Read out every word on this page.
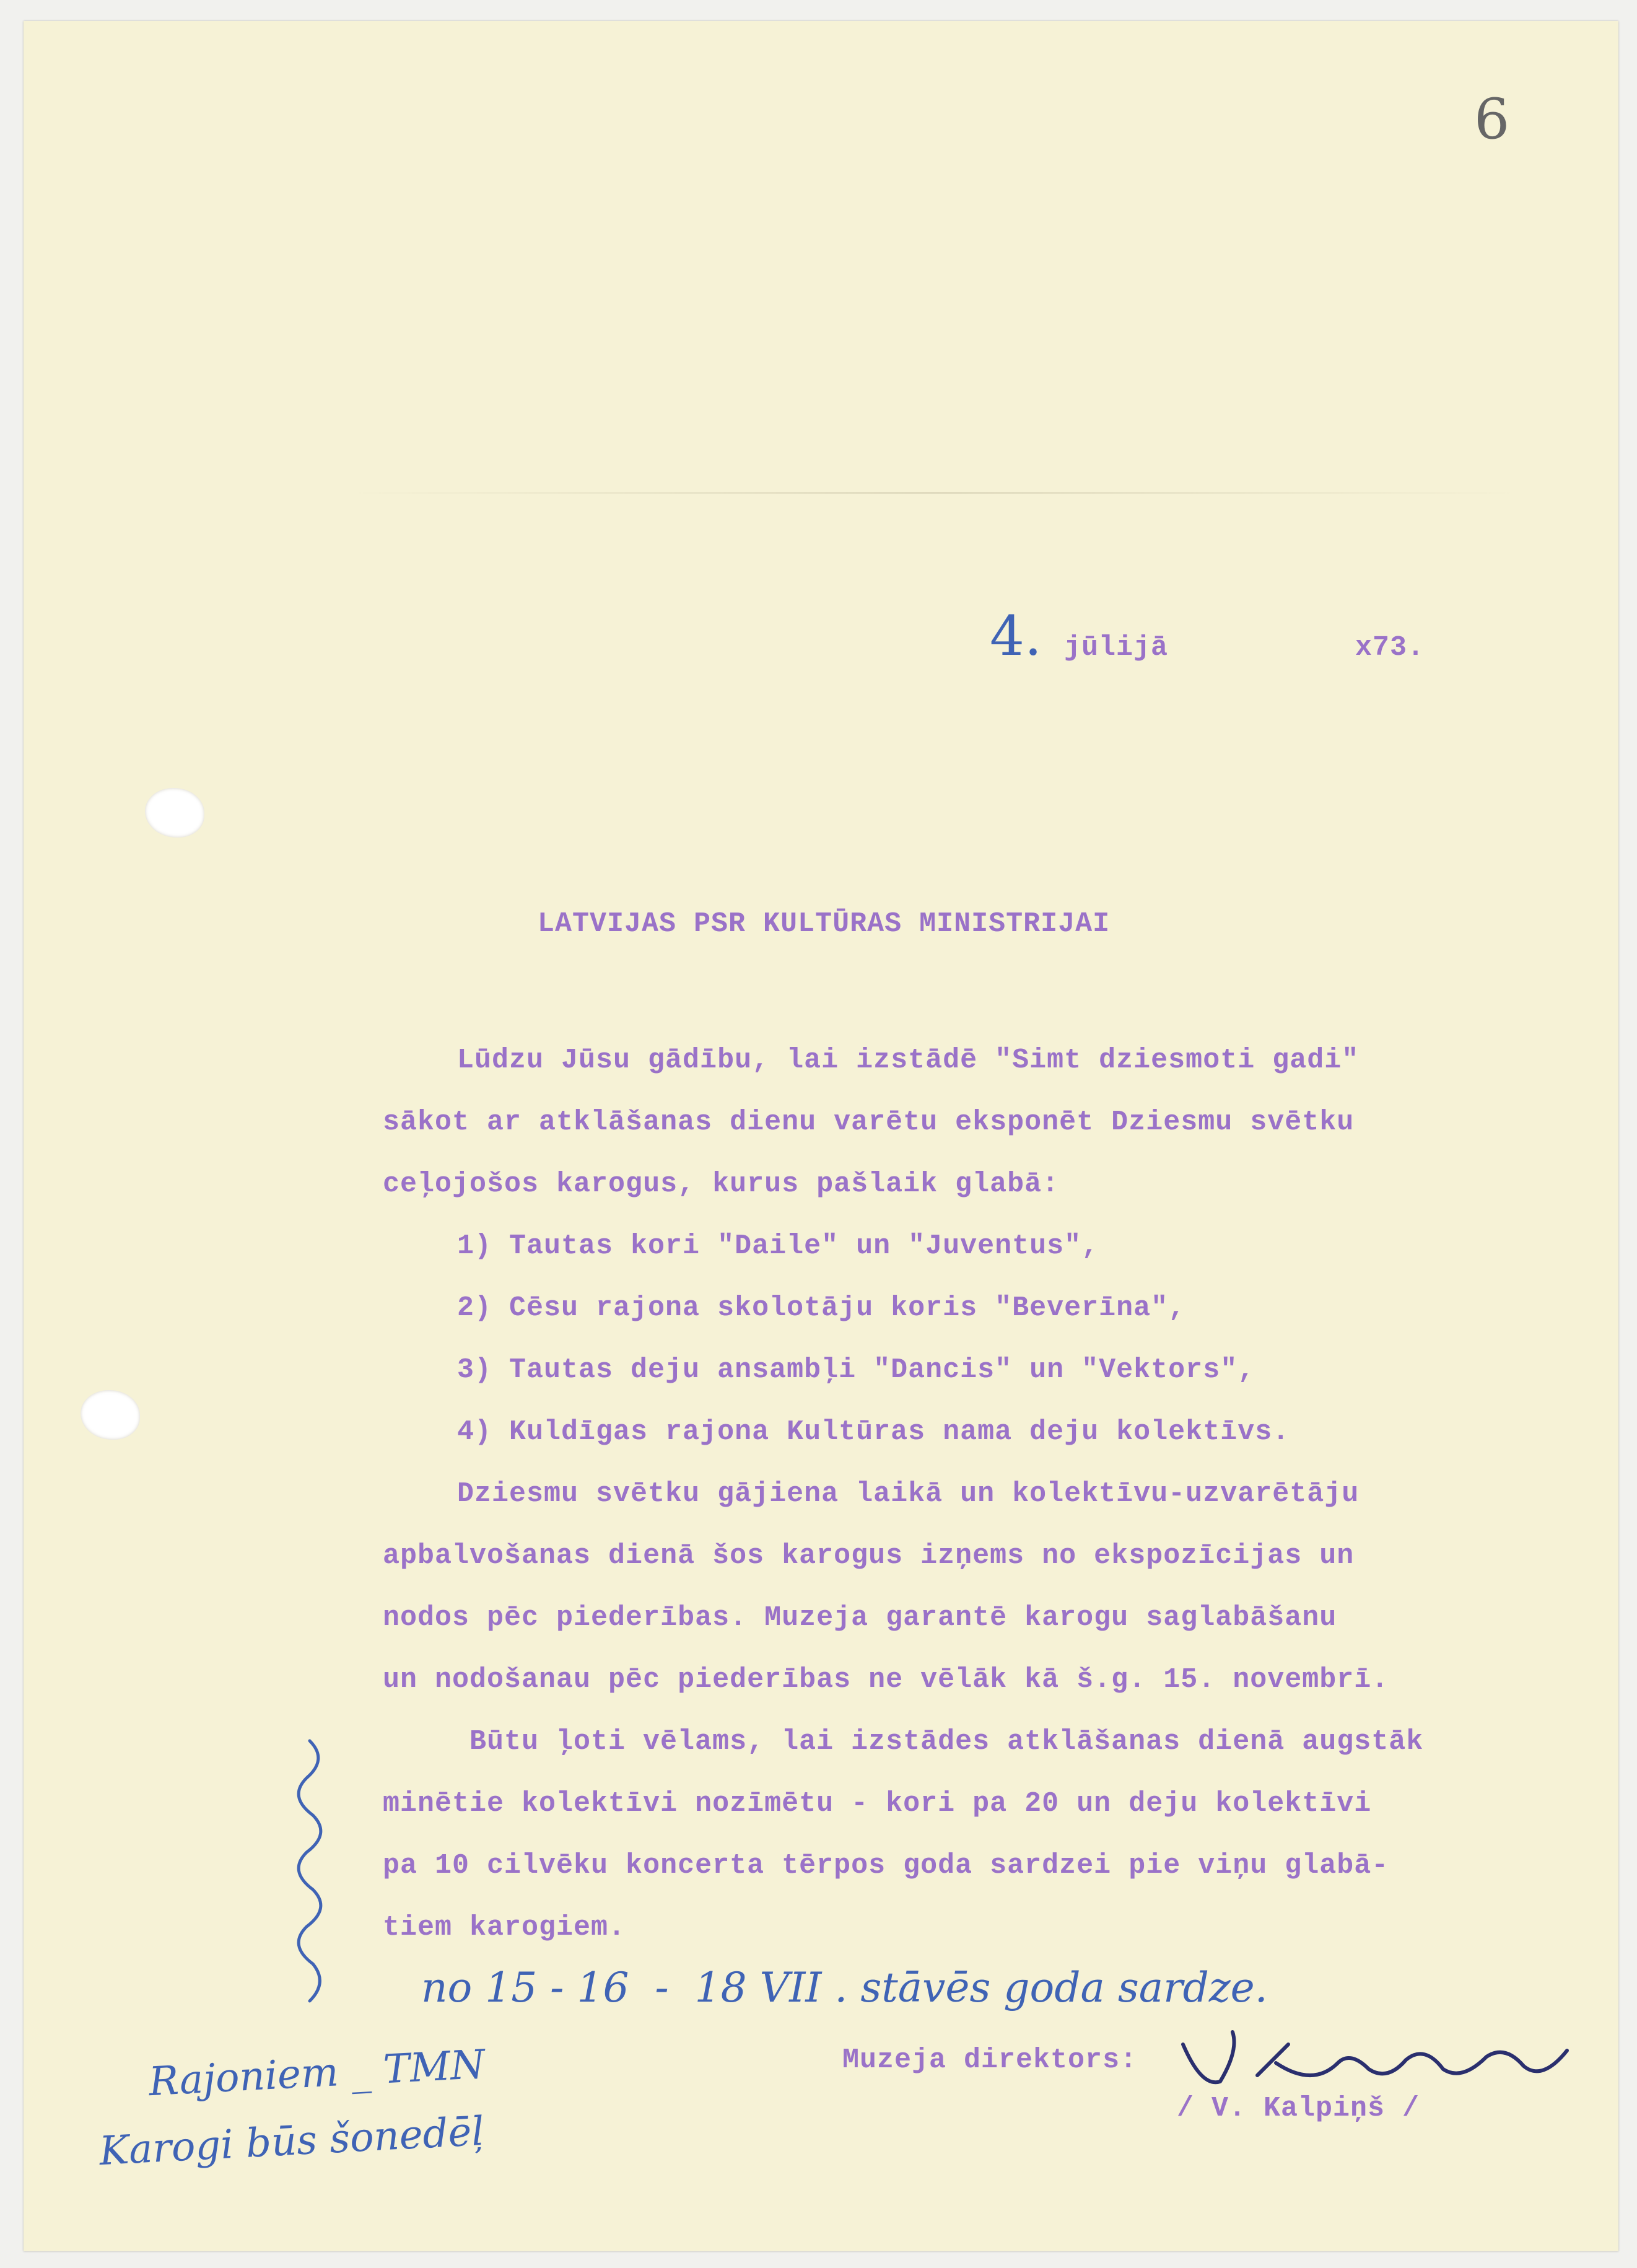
6
4. jūlijā	x73.
LATVIJAS PSR KULTŪRAS MINISTRIJAI
Lūdzu Jūsu gādību, lai izstādē "Simt dziesmoti gadi"
sākot ar atklāšanas dienu varētu eksponēt Dziesmu svētku
ceļojošos karogus, kurus pašlaik glabā:
1) Tautas kori "Daile" un "Juventus",
2) Cēsu rajona skolotāju koris "Beverīna",
3) Tautas deju ansambļi "Dancis" un "Vektors",
4) Kuldīgas rajona Kultūras nama deju kolektīvs.
Dziesmu svētku gājiena laikā un kolektīvu-uzvarētāju
apbalvošanas dienā šos karogus izņems no ekspozīcijas un
nodos pēc piederības. Muzeja garantē karogu saglabāšanu
un nodošanau pēc piederības ne vēlāk kā š.g. 15. novembrī.
Būtu ļoti vēlams, lai izstādes atklāšanas dienā augstāk
minētie kolektīvi nozīmētu - kori pa 20 un deju kolektīvi
pa 10 cilvēku koncerta tērpos goda sardzei pie viņu glabā-
tiem karogiem.
no 15 - 16  -  18 VII . stāvēs goda sardze.
Muzeja direktors:
/ V. Kalpiņš /
Rajoniem _ TMN
Karogi būs šonedēļ
